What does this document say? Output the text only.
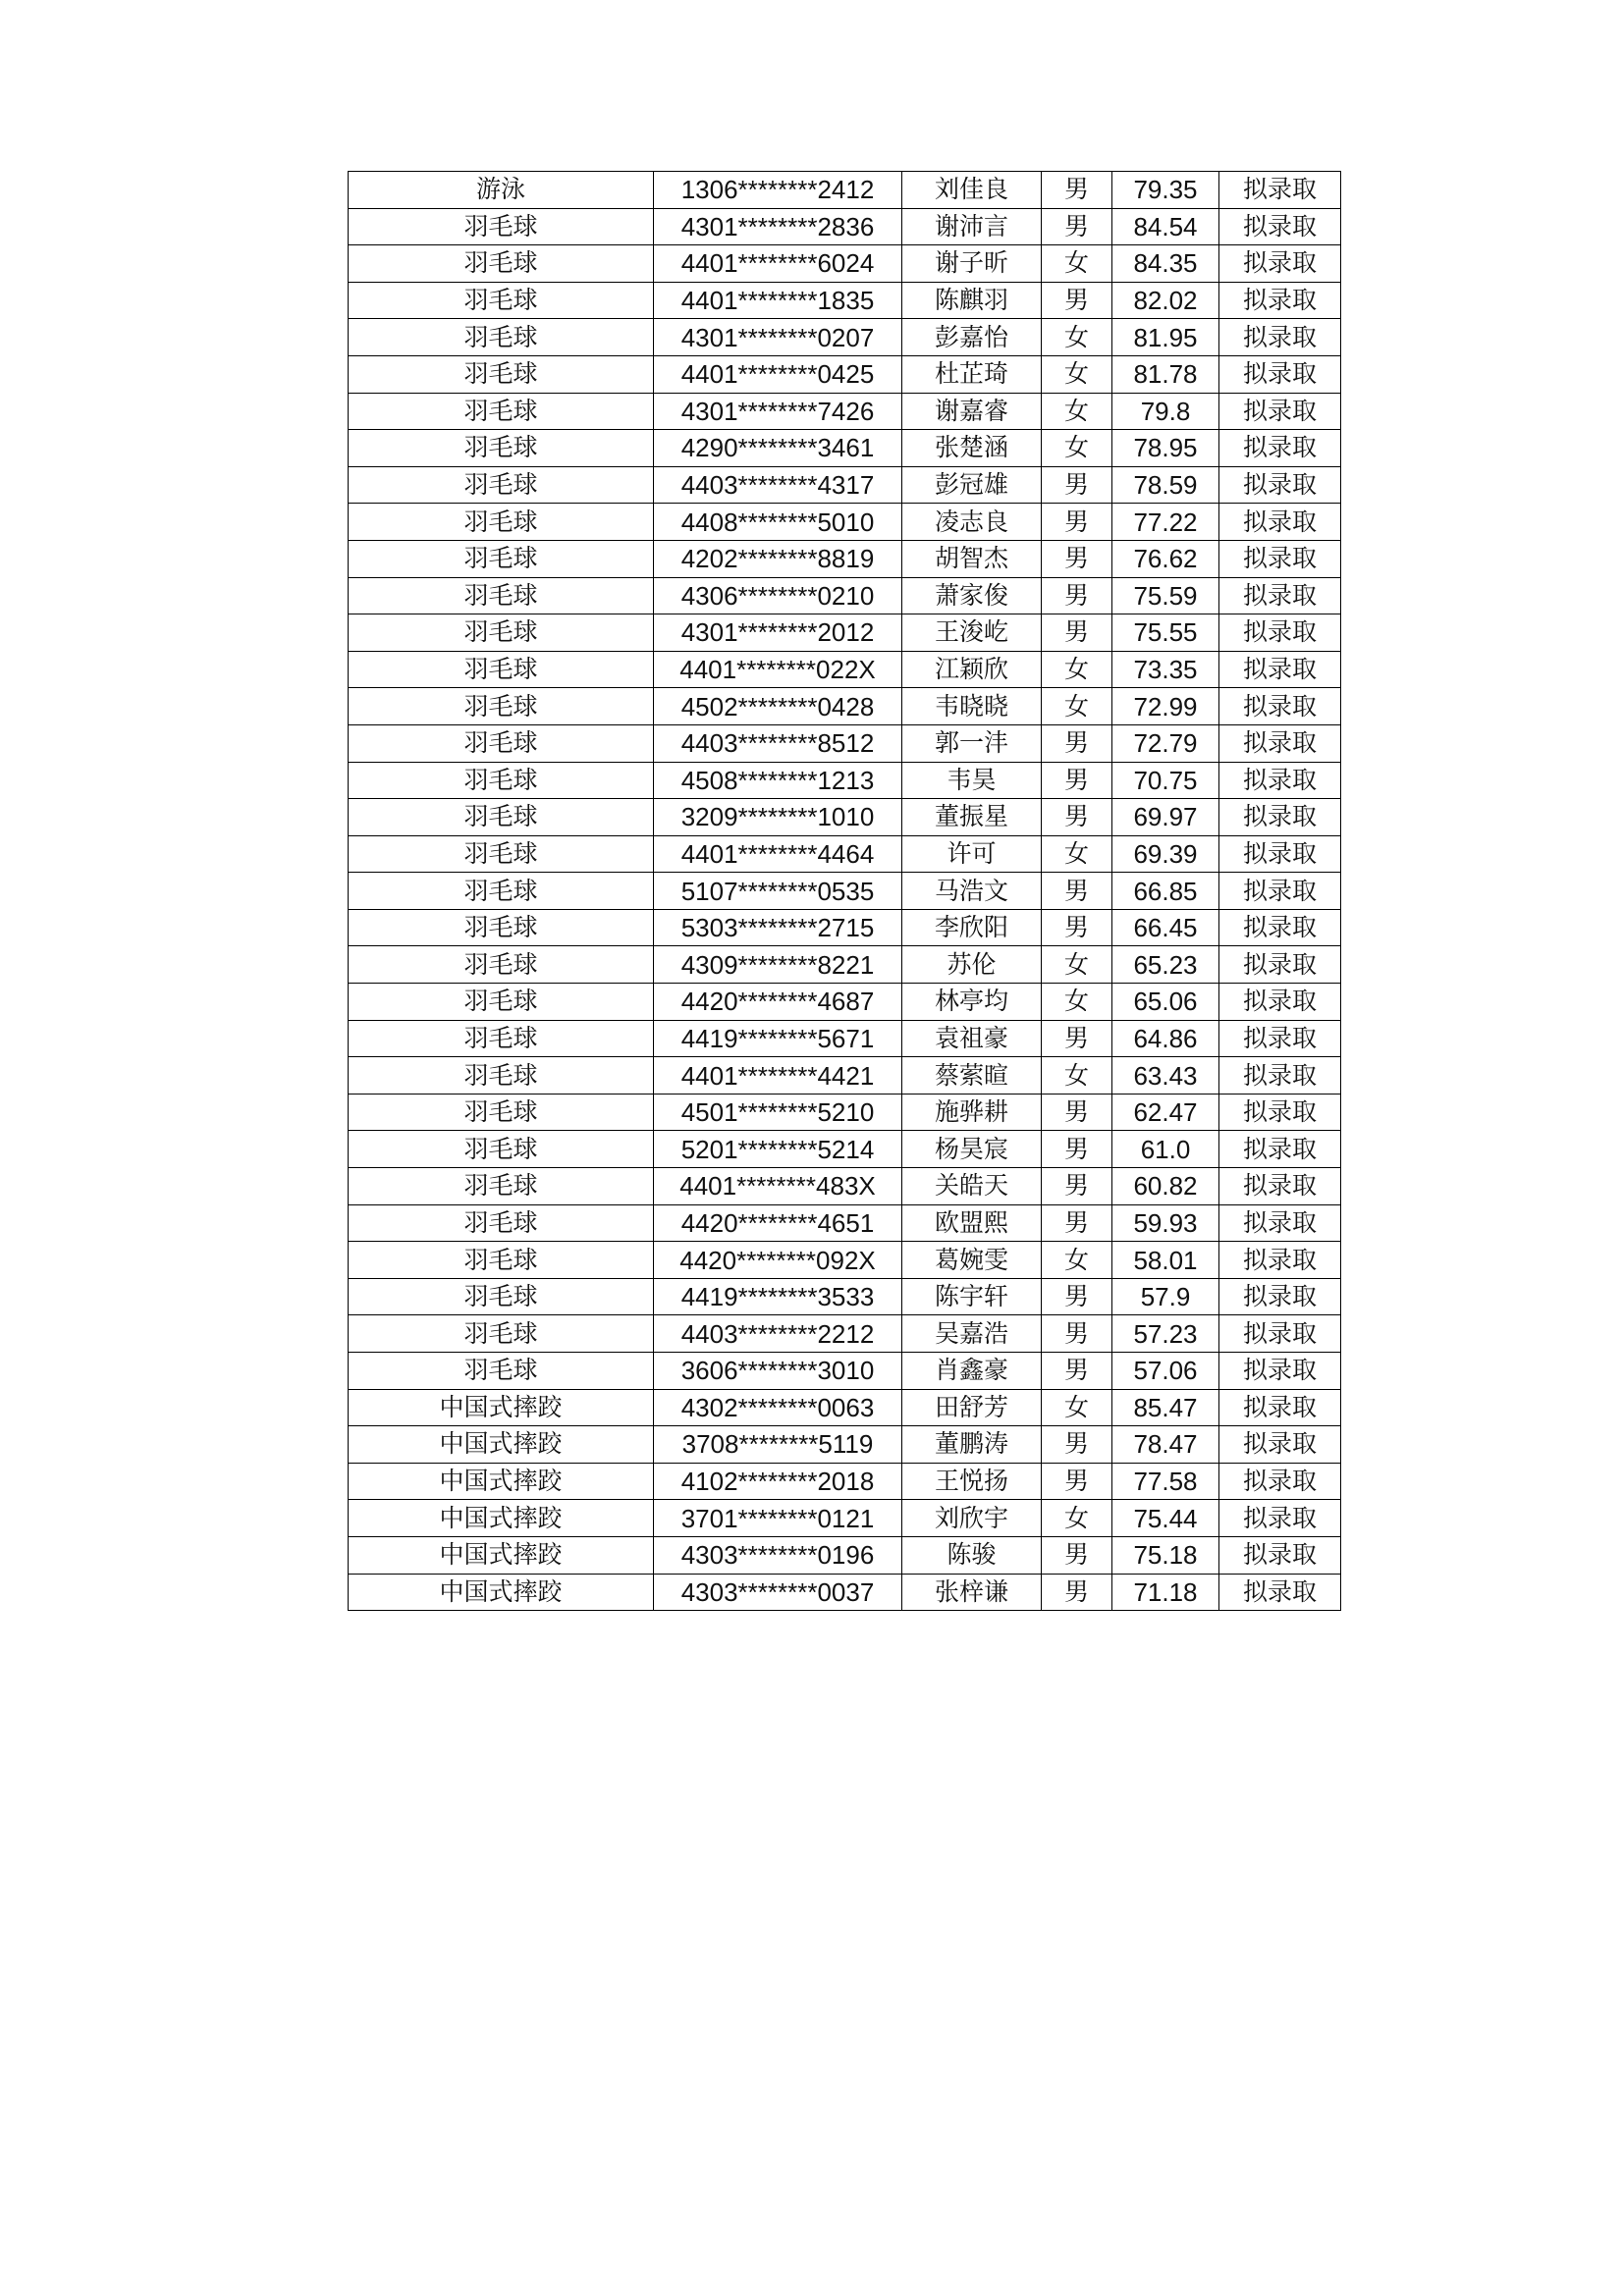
游泳	1306********2412	刘佳良	男	79.35	拟录取
羽毛球	4301********2836	谢沛言	男	84.54	拟录取
羽毛球	4401********6024	谢子昕	女	84.35	拟录取
羽毛球	4401********1835	陈麒羽	男	82.02	拟录取
羽毛球	4301********0207	彭嘉怡	女	81.95	拟录取
羽毛球	4401********0425	杜芷琦	女	81.78	拟录取
羽毛球	4301********7426	谢嘉睿	女	79.8	拟录取
羽毛球	4290********3461	张楚涵	女	78.95	拟录取
羽毛球	4403********4317	彭冠雄	男	78.59	拟录取
羽毛球	4408********5010	凌志良	男	77.22	拟录取
羽毛球	4202********8819	胡智杰	男	76.62	拟录取
羽毛球	4306********0210	萧家俊	男	75.59	拟录取
羽毛球	4301********2012	王浚屹	男	75.55	拟录取
羽毛球	4401********022X	江颖欣	女	73.35	拟录取
羽毛球	4502********0428	韦晓晓	女	72.99	拟录取
羽毛球	4403********8512	郭一沣	男	72.79	拟录取
羽毛球	4508********1213	韦昊	男	70.75	拟录取
羽毛球	3209********1010	董振星	男	69.97	拟录取
羽毛球	4401********4464	许可	女	69.39	拟录取
羽毛球	5107********0535	马浩文	男	66.85	拟录取
羽毛球	5303********2715	李欣阳	男	66.45	拟录取
羽毛球	4309********8221	苏伦	女	65.23	拟录取
羽毛球	4420********4687	林亭均	女	65.06	拟录取
羽毛球	4419********5671	袁祖豪	男	64.86	拟录取
羽毛球	4401********4421	蔡萦暄	女	63.43	拟录取
羽毛球	4501********5210	施骅耕	男	62.47	拟录取
羽毛球	5201********5214	杨昊宸	男	61.0	拟录取
羽毛球	4401********483X	关皓天	男	60.82	拟录取
羽毛球	4420********4651	欧盟熙	男	59.93	拟录取
羽毛球	4420********092X	葛婉雯	女	58.01	拟录取
羽毛球	4419********3533	陈宇轩	男	57.9	拟录取
羽毛球	4403********2212	吴嘉浩	男	57.23	拟录取
羽毛球	3606********3010	肖鑫豪	男	57.06	拟录取
中国式摔跤	4302********0063	田舒芳	女	85.47	拟录取
中国式摔跤	3708********5119	董鹏涛	男	78.47	拟录取
中国式摔跤	4102********2018	王悦扬	男	77.58	拟录取
中国式摔跤	3701********0121	刘欣宇	女	75.44	拟录取
中国式摔跤	4303********0196	陈骏	男	75.18	拟录取
中国式摔跤	4303********0037	张梓谦	男	71.18	拟录取
